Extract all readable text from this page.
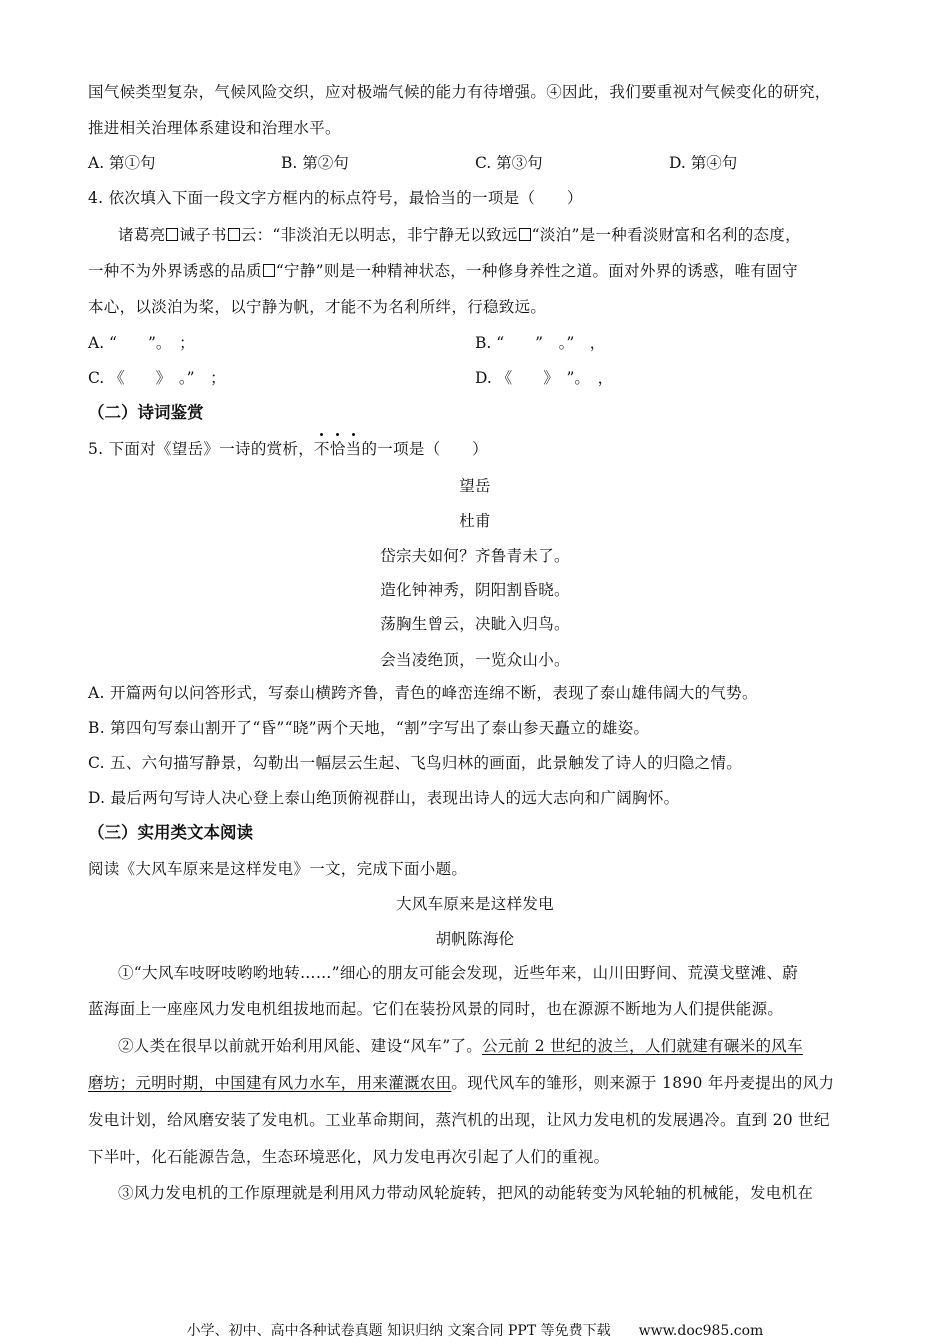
国气候类型复杂，气候风险交织，应对极端气候的能力有待增强。④因此，我们要重视对气候变化的研究，
推进相关治理体系建设和治理水平。
A. 第①句	B. 第②句	C. 第③句	D. 第④句
4. 依次填入下面一段文字方框内的标点符号，最恰当的一项是（　　）
诸葛亮 诫子书 云：“非淡泊无以明志，非宁静无以致远 “淡泊”是一种看淡财富和名利的态度，
一种不为外界诱惑的品质 “宁静”则是一种精神状态，一种修身养性之道。面对外界的诱惑，唯有固守
本心，以淡泊为桨，以宁静为帆，才能不为名利所绊，行稳致远。
A. “　　”。　；	B. “　　”　。”　，
C. 《　　》　。”　；	D. 《　　》　”。　，
（二）诗词鉴赏
5. 下面对《望岳》一诗的赏析，不恰当的一项是（　　）
望岳
杜甫
岱宗夫如何？齐鲁青未了。
造化钟神秀，阴阳割昏晓。
荡胸生曾云，决眦入归鸟。
会当凌绝顶，一览众山小。
A. 开篇两句以问答形式，写泰山横跨齐鲁，青色的峰峦连绵不断，表现了泰山雄伟阔大的气势。
B. 第四句写泰山割开了“昏”“晓”两个天地，“割”字写出了泰山参天矗立的雄姿。
C. 五、六句描写静景，勾勒出一幅层云生起、飞鸟归林的画面，此景触发了诗人的归隐之情。
D. 最后两句写诗人决心登上泰山绝顶俯视群山，表现出诗人的远大志向和广阔胸怀。
（三）实用类文本阅读
阅读《大风车原来是这样发电》一文，完成下面小题。
大风车原来是这样发电
胡帆陈海伦
①“大风车吱呀吱哟哟地转……”细心的朋友可能会发现，近些年来，山川田野间、荒漠戈壁滩、蔚
蓝海面上一座座风力发电机组拔地而起。它们在装扮风景的同时，也在源源不断地为人们提供能源。
②人类在很早以前就开始利用风能、建设“风车”了。公元前 2 世纪的波兰，人们就建有碾米的风车
磨坊；元明时期，中国建有风力水车，用来灌溉农田。现代风车的雏形，则来源于 1890 年丹麦提出的风力
发电计划，给风磨安装了发电机。工业革命期间，蒸汽机的出现，让风力发电机的发展遇冷。直到 20 世纪
下半叶，化石能源告急，生态环境恶化，风力发电再次引起了人们的重视。
③风力发电机的工作原理就是利用风力带动风轮旋转，把风的动能转变为风轮轴的机械能，发电机在
小学、初中、高中各种试卷真题 知识归纳 文案合同 PPT 等免费下载　　www.doc985.com
